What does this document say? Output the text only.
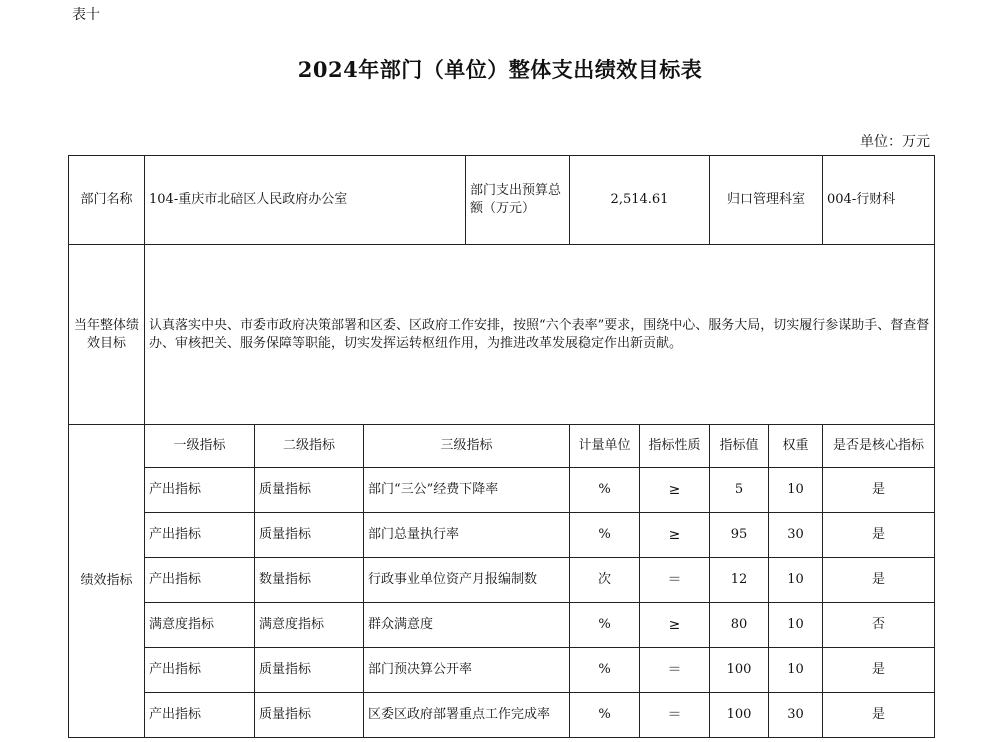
表十
2024年部门（单位）整体支出绩效目标表
单位：万元
部门名称	104-重庆市北碚区人民政府办公室			部门支出预算总额（万元）	2,514.61		归口管理科室		004-行财科
当年整体绩效目标	认真落实中央、市委市政府决策部署和区委、区政府工作安排，按照“六个表率”要求，围绕中心、服务大局，切实履行参谋助手、督查督办、审核把关、服务保障等职能，切实发挥运转枢纽作用，为推进改革发展稳定作出新贡献。								
绩效指标	一级指标	二级指标	三级指标		计量单位	指标性质	指标值	权重	是否是核心指标
	产出指标	质量指标	部门“三公”经费下降率		%	≥	5	10	是
	产出指标	质量指标	部门总量执行率		%	≥	95	30	是
	产出指标	数量指标	行政事业单位资产月报编制数		次	＝	12	10	是
	满意度指标	满意度指标	群众满意度		%	≥	80	10	否
	产出指标	质量指标	部门预决算公开率		%	＝	100	10	是
	产出指标	质量指标	区委区政府部署重点工作完成率		%	＝	100	30	是
